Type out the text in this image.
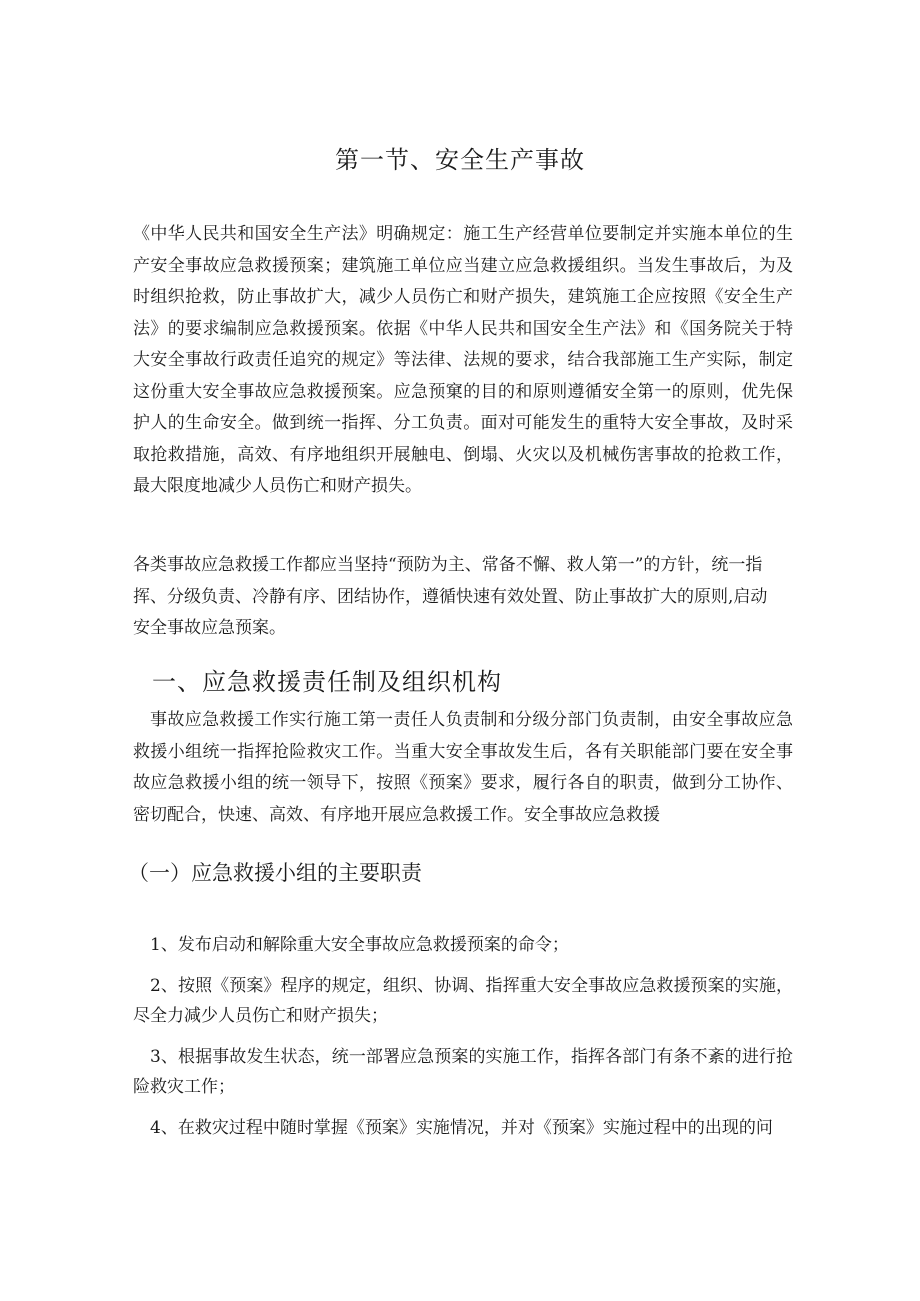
第一节、安全生产事故

《中华人民共和国安全生产法》明确规定：施工生产经营单位要制定并实施本单位的生产安全事故应急救援预案；建筑施工单位应当建立应急救援组织。当发生事故后，为及时组织抢救，防止事故扩大，减少人员伤亡和财产损失，建筑施工企应按照《安全生产法》的要求编制应急救援预案。依据《中华人民共和国安全生产法》和《国务院关于特大安全事故行政责任追究的规定》等法律、法规的要求，结合我部施工生产实际，制定这份重大安全事故应急救援预案。应急预窠的目的和原则遵循安全第一的原则，优先保护人的生命安全。做到统一指挥、分工负责。面对可能发生的重特大安全事故，及时采取抢救措施，高效、有序地组织开展触电、倒塌、火灾以及机械伤害事故的抢救工作，最大限度地减少人员伤亡和财产损失。

各类事故应急救援工作都应当坚持“预防为主、常备不懈、救人第一”的方针，统一指
挥、分级负责、冷静有序、团结协作，遵循快速有效处置、防止事故扩大的原则,启动
安全事故应急预案。
一、应急救援责任制及组织机构

事故应急救援工作实行施工第一责任人负责制和分级分部门负责制，由安全事故应急救援小组统一指挥抢险救灾工作。当重大安全事故发生后，各有关职能部门要在安全事故应急救援小组的统一领导下，按照《预案》要求，履行各自的职责，做到分工协作、密切配合，快速、高效、有序地开展应急救援工作。安全事故应急救援

（一）应急救援小组的主要职责
1、发布启动和解除重大安全事故应急救援预案的命令；
2、按照《预案》程序的规定，组织、协调、指挥重大安全事故应急救援预案的实施，尽全力减少人员伤亡和财产损失；
3、根据事故发生状态，统一部署应急预案的实施工作，指挥各部门有条不紊的进行抢险救灾工作；
4、在救灾过程中随时掌握《预案》实施情况，并对《预案》实施过程中的出现的问
